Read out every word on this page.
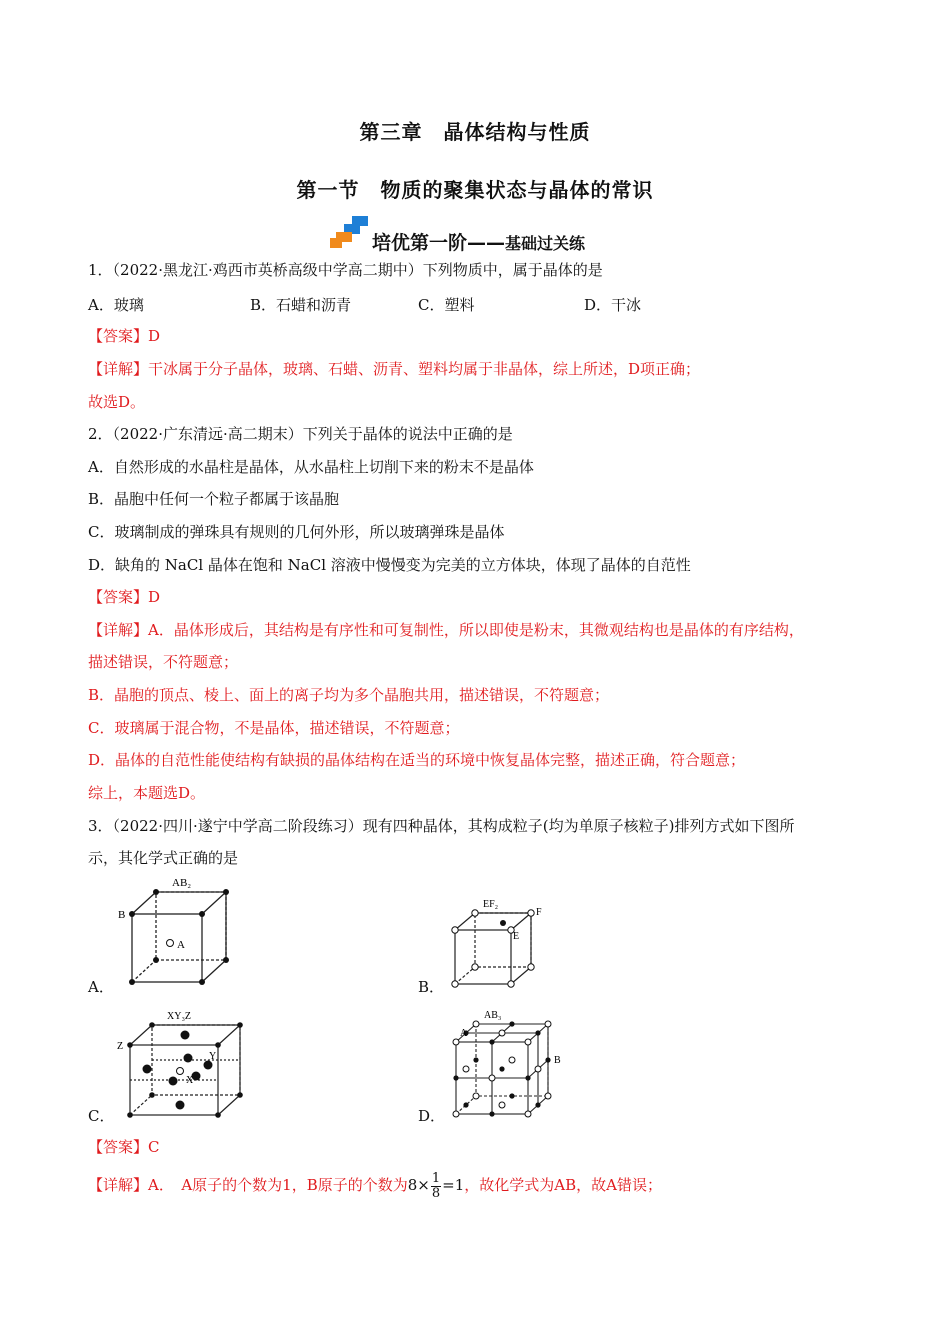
第三章　晶体结构与性质
第一节　物质的聚集状态与晶体的常识
培优第一阶——基础过关练
1．（2022·黑龙江·鸡西市英桥高级中学高二期中）下列物质中，属于晶体的是
A．玻璃	B．石蜡和沥青	C．塑料	D．干冰
【答案】D
【详解】干冰属于分子晶体，玻璃、石蜡、沥青、塑料均属于非晶体，综上所述，D项正确；
故选D。
2．（2022·广东清远·高二期末）下列关于晶体的说法中正确的是
A．自然形成的水晶柱是晶体，从水晶柱上切削下来的粉末不是晶体
B．晶胞中任何一个粒子都属于该晶胞
C．玻璃制成的弹珠具有规则的几何外形，所以玻璃弹珠是晶体
D．缺角的 NaCl 晶体在饱和 NaCl 溶液中慢慢变为完美的立方体块，体现了晶体的自范性
【答案】D
【详解】A．晶体形成后，其结构是有序性和可复制性，所以即使是粉末，其微观结构也是晶体的有序结构，
描述错误，不符题意；
B．晶胞的顶点、棱上、面上的离子均为多个晶胞共用，描述错误，不符题意；
C．玻璃属于混合物，不是晶体，描述错误，不符题意；
D．晶体的自范性能使结构有缺损的晶体结构在适当的环境中恢复晶体完整，描述正确，符合题意；
综上，本题选D。
3．（2022·四川·遂宁中学高二阶段练习）现有四种晶体，其构成粒子(均为单原子核粒子)排列方式如下图所
示，其化学式正确的是
AB₂
B
A
A．
EF₂
F
E
B．
XY₃Z
Z
Y
X
C．
A
AB₃
B
D．
【答案】C
【详解】A．　A原子的个数为1，B原子的个数为$8\times \frac{1}{8} =1$，故化学式为AB，故A错误；
